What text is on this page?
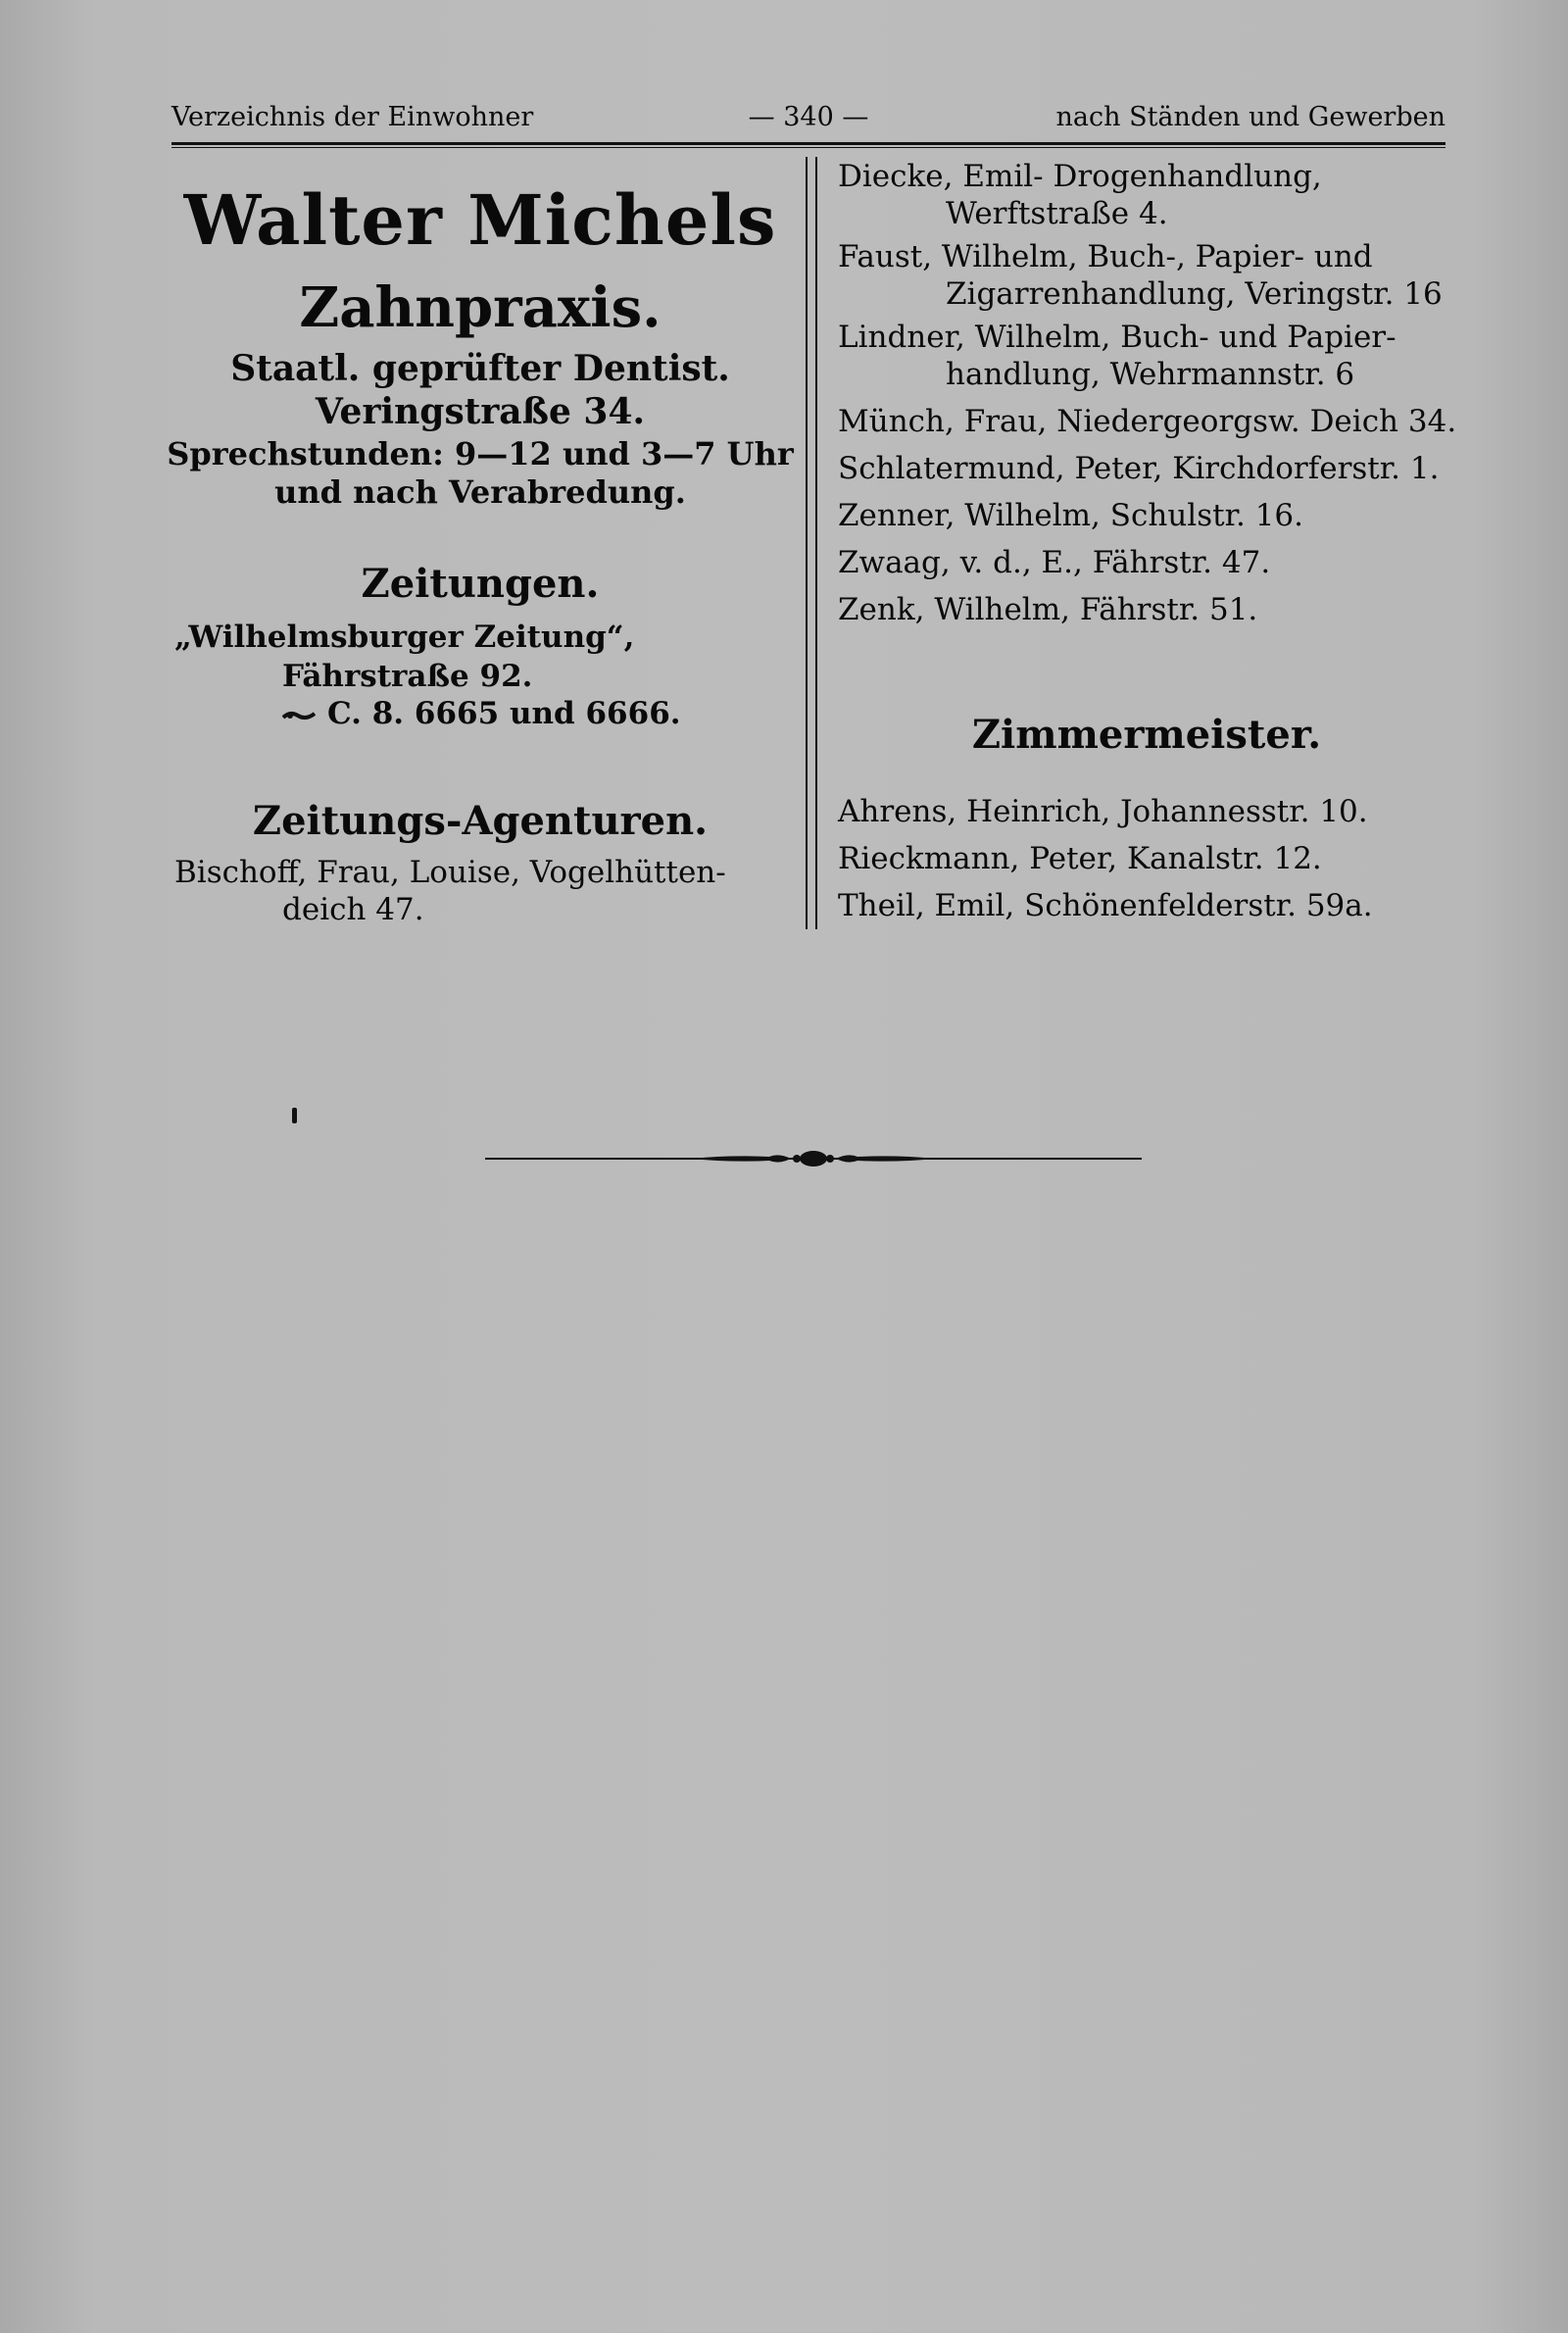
Verzeichnis der Einwohner	— 340 —	nach Ständen und Gewerben
Walter Michels
Zahnpraxis.
Staatl. geprüfter Dentist.
Veringstraße 34.
Sprechstunden: 9—12 und 3—7 Uhr
und nach Verabredung.
Zeitungen.
„Wilhelmsburger Zeitung“,
Fährstraße 92.
C. 8. 6665 und 6666.
Zeitungs-Agenturen.
Bischoff, Frau, Louise, Vogelhütten-
deich 47.
Diecke, Emil- Drogenhandlung,
Werftstraße 4.
Faust, Wilhelm, Buch-, Papier- und
Zigarrenhandlung, Veringstr. 16
Lindner, Wilhelm, Buch- und Papier-
handlung, Wehrmannstr. 6
Münch, Frau, Niedergeorgsw. Deich 34.
Schlatermund, Peter, Kirchdorferstr. 1.
Zenner, Wilhelm, Schulstr. 16.
Zwaag, v. d., E., Fährstr. 47.
Zenk, Wilhelm, Fährstr. 51.
Zimmermeister.
Ahrens, Heinrich, Johannesstr. 10.
Rieckmann, Peter, Kanalstr. 12.
Theil, Emil, Schönenfelderstr. 59a.
